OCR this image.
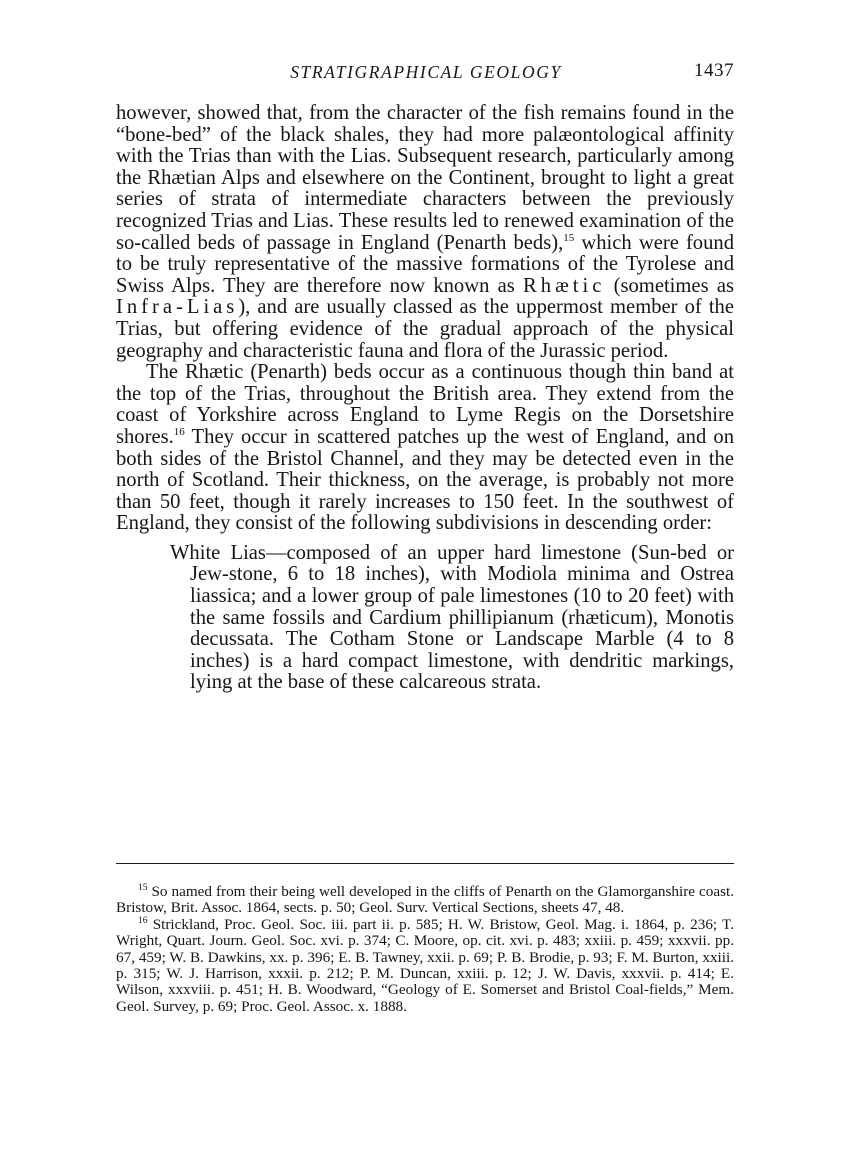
STRATIGRAPHICAL GEOLOGY	1437

however, showed that, from the character of the fish remains found in the “bone-bed” of the black shales, they had more palæontological affinity with the Trias than with the Lias. Subsequent research, particularly among the Rhætian Alps and elsewhere on the Continent, brought to light a great series of strata of intermediate characters between the previously recognized Trias and Lias. These results led to renewed examination of the so-called beds of passage in England (Penarth beds),$^{15}$ which were found to be truly representative of the massive formations of the Tyrolese and Swiss Alps. They are therefore now known as Rhætic (sometimes as Infra-Lias), and are usually classed as the uppermost member of the Trias, but offering evidence of the gradual approach of the physical geography and characteristic fauna and flora of the Jurassic period.

The Rhætic (Penarth) beds occur as a continuous though thin band at the top of the Trias, throughout the British area. They extend from the coast of Yorkshire across England to Lyme Regis on the Dorsetshire shores.$^{16}$ They occur in scattered patches up the west of England, and on both sides of the Bristol Channel, and they may be detected even in the north of Scotland. Their thickness, on the average, is probably not more than 50 feet, though it rarely increases to 150 feet. In the southwest of England, they consist of the following subdivisions in descending order:

White Lias—composed of an upper hard limestone (Sun-bed or Jew-stone, 6 to 18 inches), with Modiola minima and Ostrea liassica; and a lower group of pale limestones (10 to 20 feet) with the same fossils and Cardium phillipianum (rhæticum), Monotis decussata. The Cotham Stone or Landscape Marble (4 to 8 inches) is a hard compact limestone, with dendritic markings, lying at the base of these calcareous strata.

$^{15}$ So named from their being well developed in the cliffs of Penarth on the Glamorganshire coast. Bristow, Brit. Assoc. 1864, sects. p. 50; Geol. Surv. Vertical Sections, sheets 47, 48.

$^{16}$ Strickland, Proc. Geol. Soc. iii. part ii. p. 585; H. W. Bristow, Geol. Mag. i. 1864, p. 236; T. Wright, Quart. Journ. Geol. Soc. xvi. p. 374; C. Moore, op. cit. xvi. p. 483; xxiii. p. 459; xxxvii. pp. 67, 459; W. B. Dawkins, xx. p. 396; E. B. Tawney, xxii. p. 69; P. B. Brodie, p. 93; F. M. Burton, xxiii. p. 315; W. J. Harrison, xxxii. p. 212; P. M. Duncan, xxiii. p. 12; J. W. Davis, xxxvii. p. 414; E. Wilson, xxxviii. p. 451; H. B. Woodward, “Geology of E. Somerset and Bristol Coal-fields,” Mem. Geol. Survey, p. 69; Proc. Geol. Assoc. x. 1888.
